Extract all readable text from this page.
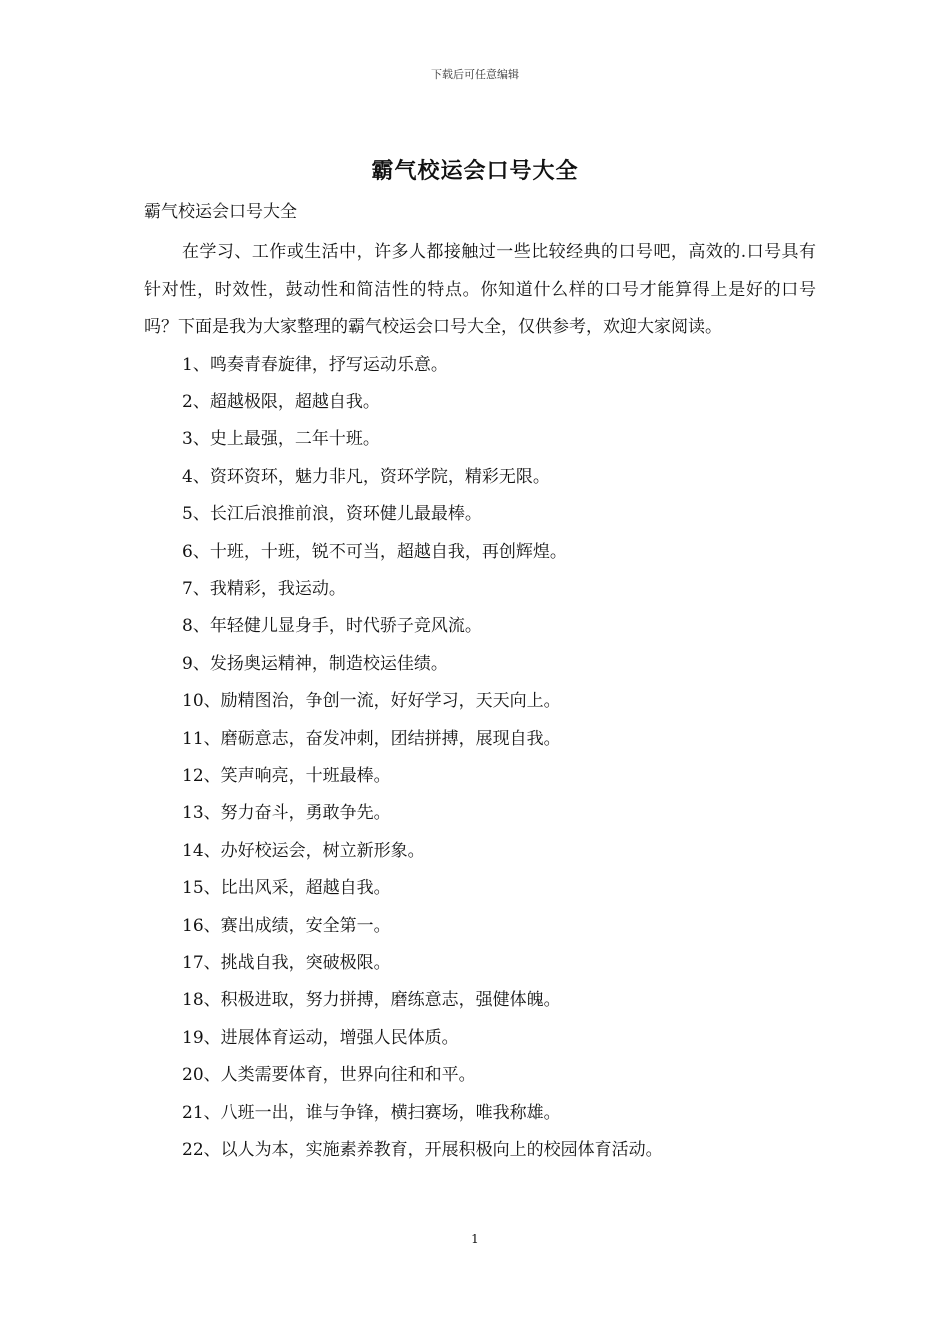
下载后可任意编辑
霸气校运会口号大全

霸气校运会口号大全

在学习、工作或生活中，许多人都接触过一些比较经典的口号吧，高效的.口号具有针对性，时效性，鼓动性和简洁性的特点。你知道什么样的口号才能算得上是好的口号吗？下面是我为大家整理的霸气校运会口号大全，仅供参考，欢迎大家阅读。

1、鸣奏青春旋律，抒写运动乐意。
2、超越极限，超越自我。
3、史上最强，二年十班。
4、资环资环，魅力非凡，资环学院，精彩无限。
5、长江后浪推前浪，资环健儿最最棒。
6、十班，十班，锐不可当，超越自我，再创辉煌。
7、我精彩，我运动。
8、年轻健儿显身手，时代骄子竞风流。
9、发扬奥运精神，制造校运佳绩。
10、励精图治，争创一流，好好学习，天天向上。
11、磨砺意志，奋发冲刺，团结拼搏，展现自我。
12、笑声响亮，十班最棒。
13、努力奋斗，勇敢争先。
14、办好校运会，树立新形象。
15、比出风采，超越自我。
16、赛出成绩，安全第一。
17、挑战自我，突破极限。
18、积极进取，努力拼搏，磨练意志，强健体魄。
19、进展体育运动，增强人民体质。
20、人类需要体育，世界向往和和平。
21、八班一出，谁与争锋，横扫赛场，唯我称雄。
22、以人为本，实施素养教育，开展积极向上的校园体育活动。
1
